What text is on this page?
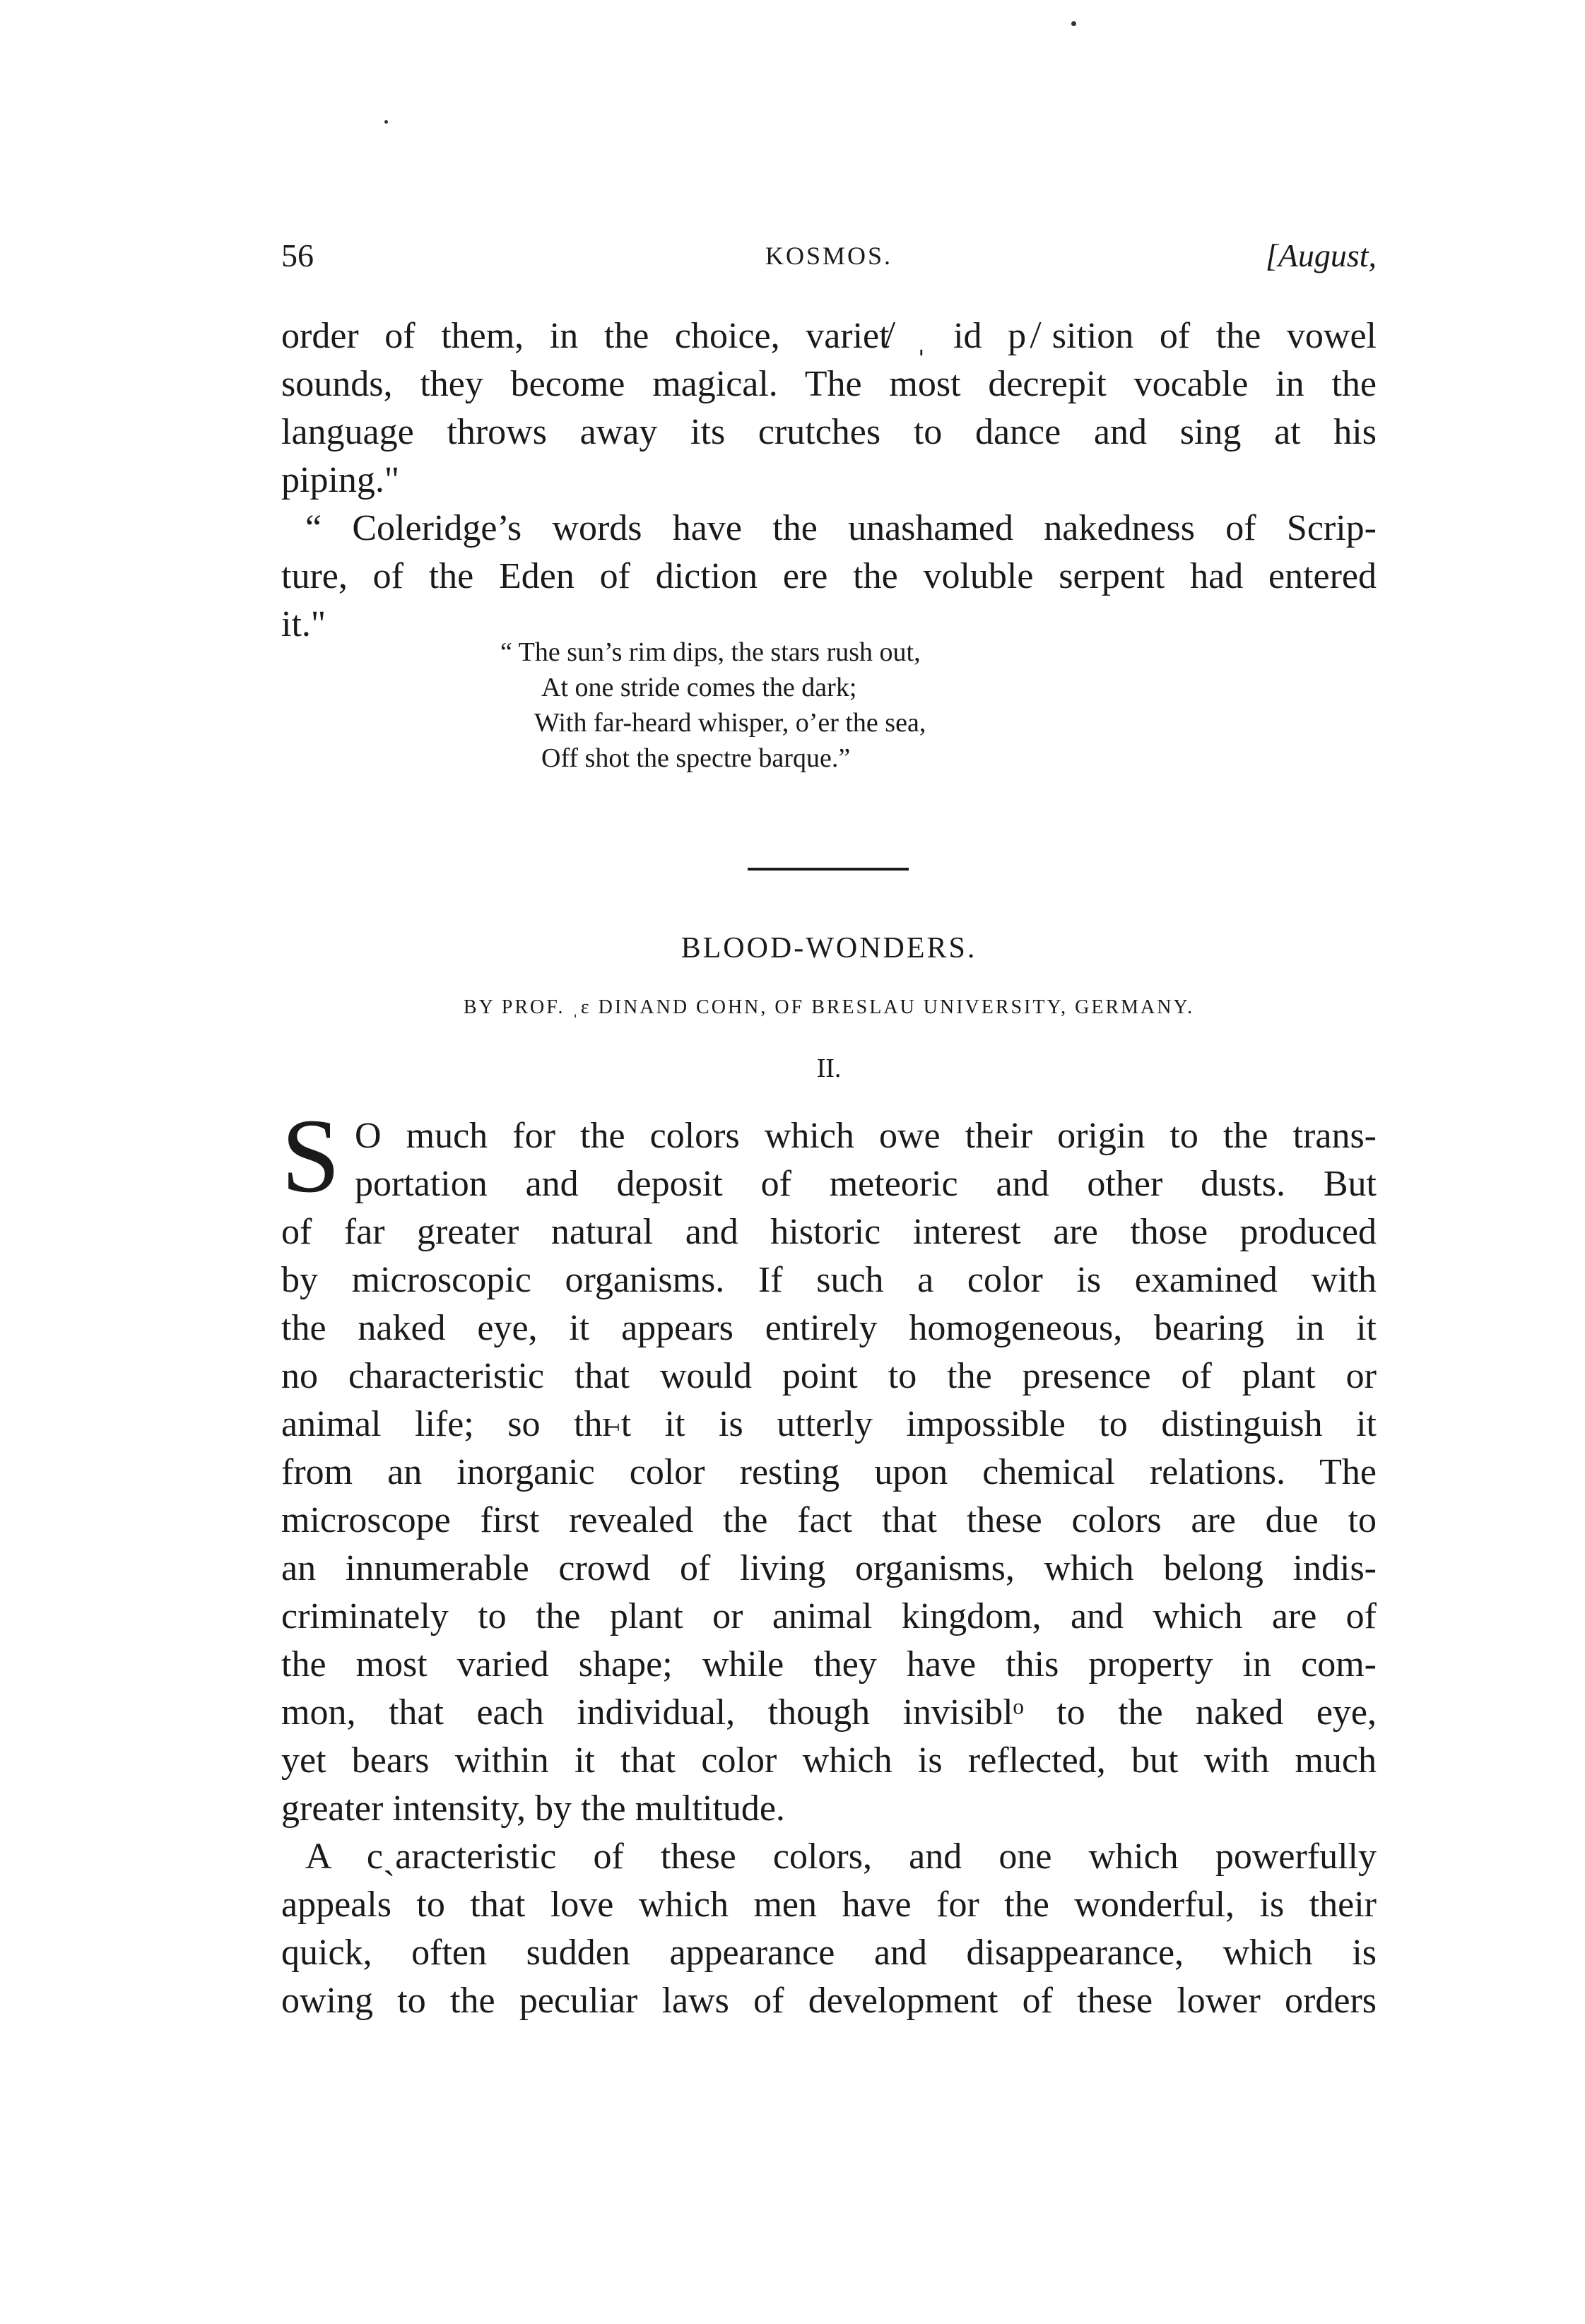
56	KOSMOS.	[August,
order of them, in the choice, variet̸ ˌ id p ̸sition of the vowel
sounds, they become magical. The most decrepit vocable in the
language throws away its crutches to dance and sing at his
piping."
“ Coleridge’s words have the unashamed nakedness of Scrip-
ture, of the Eden of diction ere the voluble serpent had entered
it."
“ The sun’s rim dips, the stars rush out,
At one stride comes the dark;
With far-heard whisper, o’er the sea,
Off shot the spectre barque.”
BLOOD-WONDERS.
BY PROF. ˌɛ DINAND COHN, OF BRESLAU UNIVERSITY, GERMANY.
II.
S O much for the colors which owe their origin to the trans-
portation and deposit of meteoric and other dusts. But
of far greater natural and historic interest are those produced
by microscopic organisms. If such a color is examined with
the naked eye, it appears entirely homogeneous, bearing in it
no characteristic that would point to the presence of plant or
animal life; so thⱶt it is utterly impossible to distinguish it
from an inorganic color resting upon chemical relations. The
microscope first revealed the fact that these colors are due to
an innumerable crowd of living organisms, which belong indis-
criminately to the plant or animal kingdom, and which are of
the most varied shape; while they have this property in com-
mon, that each individual, though invisiblᵒ to the naked eye,
yet bears within it that color which is reflected, but with much
greater intensity, by the multitude.
A cˎaracteristic of these colors, and one which powerfully
appeals to that love which men have for the wonderful, is their
quick, often sudden appearance and disappearance, which is
owing to the peculiar laws of development of these lower orders
